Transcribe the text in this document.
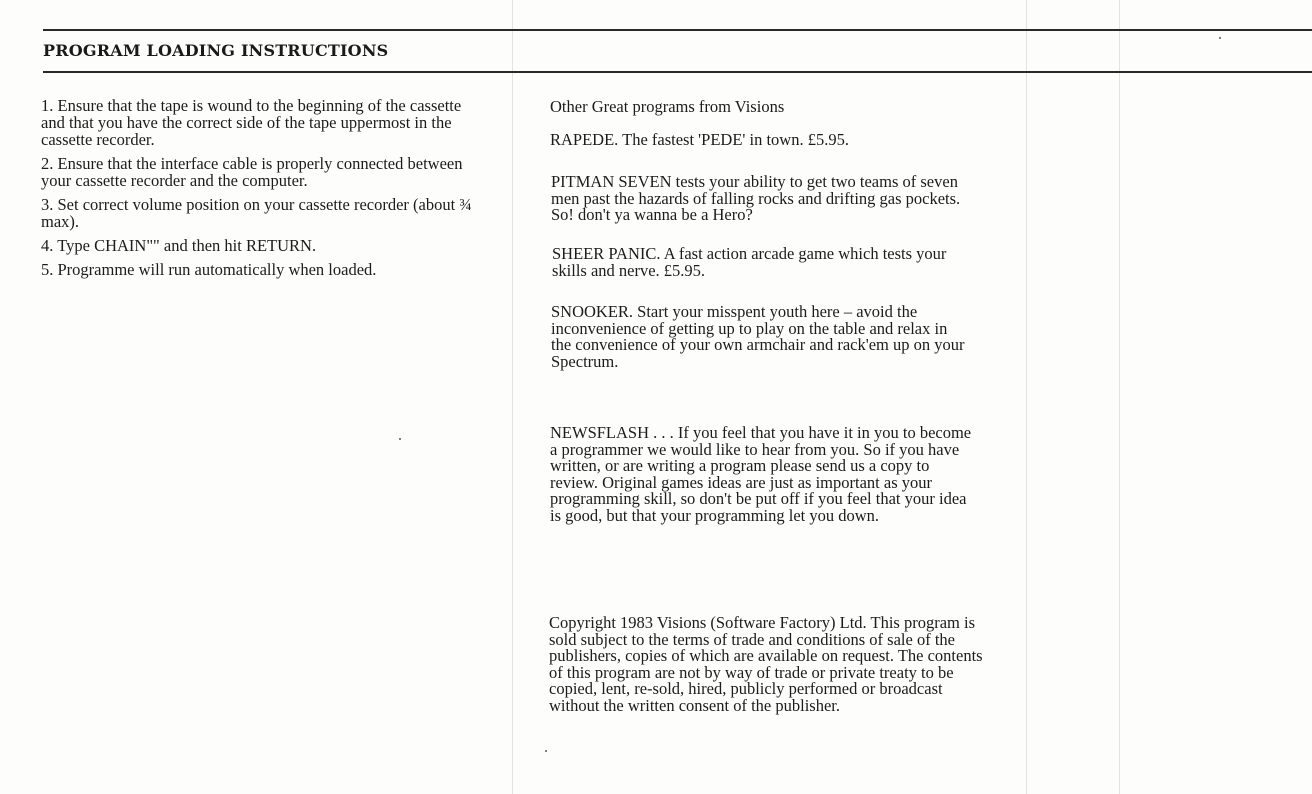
PROGRAM LOADING INSTRUCTIONS
1. Ensure that the tape is wound to the beginning of the cassette and that you have the correct side of the tape uppermost in the cassette recorder.
2. Ensure that the interface cable is properly connected between your cassette recorder and the computer.
3. Set correct volume position on your cassette recorder (about ¾ max).
4. Type CHAIN"" and then hit RETURN.
5. Programme will run automatically when loaded.

Other Great programs from Visions

RAPEDE. The fastest 'PEDE' in town. £5.95.

PITMAN SEVEN tests your ability to get two teams of seven men past the hazards of falling rocks and drifting gas pockets. So! don't ya wanna be a Hero?

SHEER PANIC. A fast action arcade game which tests your skills and nerve. £5.95.

SNOOKER. Start your misspent youth here – avoid the inconvenience of getting up to play on the table and relax in the convenience of your own armchair and rack'em up on your Spectrum.

NEWSFLASH . . . If you feel that you have it in you to become a programmer we would like to hear from you. So if you have written, or are writing a program please send us a copy to review. Original games ideas are just as important as your programming skill, so don't be put off if you feel that your idea is good, but that your programming let you down.

Copyright 1983 Visions (Software Factory) Ltd. This program is sold subject to the terms of trade and conditions of sale of the publishers, copies of which are available on request. The contents of this program are not by way of trade or private treaty to be copied, lent, re-sold, hired, publicly performed or broadcast without the written consent of the publisher.
